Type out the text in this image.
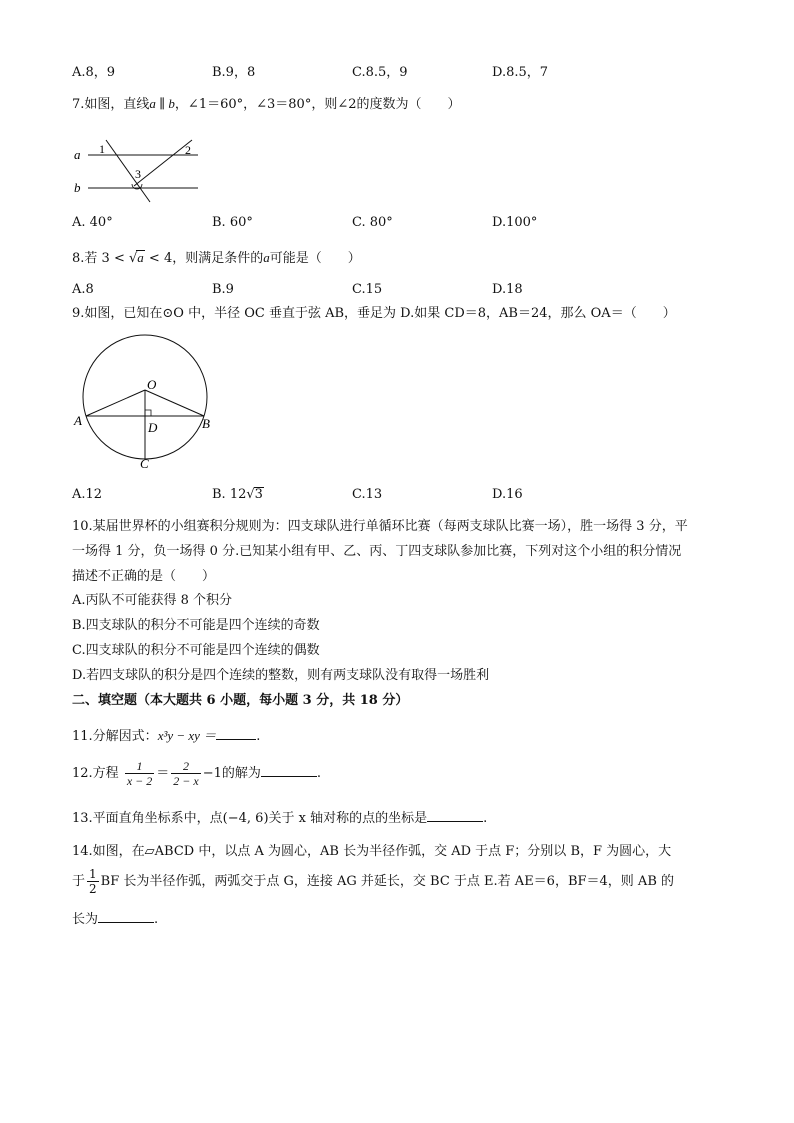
A.8，9	B.9，8	C.8.5，9	D.8.5，7
7.如图，直线a ∥ b，∠1＝60°，∠3＝80°，则∠2的度数为（　　）
a
b
1	2
3
A. 40°	B. 60°	C. 80°	D.100°
8.若 3 < √a < 4，则满足条件的a可能是（　　）
A.8	B.9	C.15	D.18
9.如图，已知在⊙O 中，半径 OC 垂直于弦 AB，垂足为 D.如果 CD＝8，AB＝24，那么 OA＝（　　）
O
A	B
D
C
A.12	B. 12√3	C.13	D.16
10.某届世界杯的小组赛积分规则为：四支球队进行单循环比赛（每两支球队比赛一场），胜一场得 3 分，平
一场得 1 分，负一场得 0 分.已知某小组有甲、乙、丙、丁四支球队参加比赛，下列对这个小组的积分情况
描述不正确的是（　　）
A.丙队不可能获得 8 个积分
B.四支球队的积分不可能是四个连续的奇数
C.四支球队的积分不可能是四个连续的偶数
D.若四支球队的积分是四个连续的整数，则有两支球队没有取得一场胜利
二、填空题（本大题共 6 小题，每小题 3 分，共 18 分）
11.分解因式：x³y − xy ＝	.
12.方程 $\frac{1}{x - 2} = \frac{2}{2 - x} -1$的解为	.
13.平面直角坐标系中，点(−4, 6)关于 x 轴对称的点的坐标是	.
14.如图，在▱ABCD 中，以点 A 为圆心，AB 长为半径作弧，交 AD 于点 F；分别以 B，F 为圆心，大
于 $\frac{1}{2}$ BF 长为半径作弧，两弧交于点 G，连接 AG 并延长，交 BC 于点 E.若 AE＝6，BF＝4，则 AB 的
长为	.
